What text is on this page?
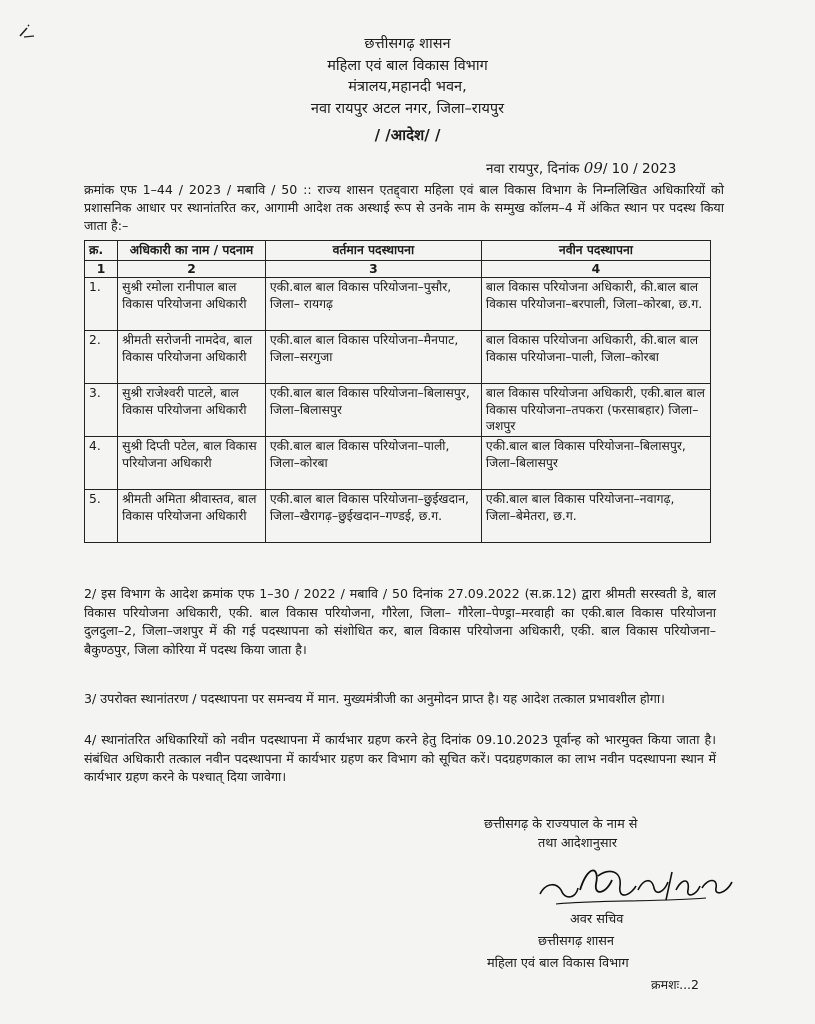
छत्तीसगढ़ शासन
महिला एवं बाल विकास विभाग
मंत्रालय,महानदी भवन,
नवा रायपुर अटल नगर, जिला–रायपुर
/ /आदेश/ /
नवा रायपुर, दिनांक 09/ 10 / 2023
क्रमांक एफ 1–44 / 2023 / मबावि / 50 :: राज्य शासन एतद्द्वारा महिला एवं बाल विकास विभाग के निम्नलिखित अधिकारियों को प्रशासनिक आधार पर स्थानांतरित कर, आगामी आदेश तक अस्थाई रूप से उनके नाम के सम्मुख कॉलम–4 में अंकित स्थान पर पदस्थ किया जाता है:–
क्र.	अधिकारी का नाम / पदनाम	वर्तमान पदस्थापना	नवीन पदस्थापना
1	2	3	4
1.	सुश्री रमोला रानीपाल बाल विकास परियोजना अधिकारी	एकी.बाल बाल विकास परियोजना–पुसौर, जिला– रायगढ़	बाल विकास परियोजना अधिकारी, की.बाल बाल विकास परियोजना–बरपाली, जिला–कोरबा, छ.ग.
2.	श्रीमती सरोजनी नामदेव, बाल विकास परियोजना अधिकारी	एकी.बाल बाल विकास परियोजना–मैनपाट, जिला–सरगुजा	बाल विकास परियोजना अधिकारी, की.बाल बाल विकास परियोजना–पाली, जिला–कोरबा
3.	सुश्री राजेश्वरी पाटले, बाल विकास परियोजना अधिकारी	एकी.बाल बाल विकास परियोजना–बिलासपुर, जिला–बिलासपुर	बाल विकास परियोजना अधिकारी, एकी.बाल बाल विकास परियोजना–तपकरा (फरसाबहार) जिला– जशपुर
4.	सुश्री दिप्ती पटेल, बाल विकास परियोजना अधिकारी	एकी.बाल बाल विकास परियोजना–पाली, जिला–कोरबा	एकी.बाल बाल विकास परियोजना–बिलासपुर, जिला–बिलासपुर
5.	श्रीमती अमिता श्रीवास्तव, बाल विकास परियोजना अधिकारी	एकी.बाल बाल विकास परियोजना–छुईखदान, जिला–खैरागढ़–छुईखदान–गण्डई, छ.ग.	एकी.बाल बाल विकास परियोजना–नवागढ़, जिला–बेमेतरा, छ.ग.
2/ इस विभाग के आदेश क्रमांक एफ 1–30 / 2022 / मबावि / 50 दिनांक 27.09.2022 (स.क्र.12) द्वारा श्रीमती सरस्वती डे, बाल विकास परियोजना अधिकारी, एकी. बाल विकास परियोजना, गौरेला, जिला– गौरेला–पेण्ड्रा–मरवाही का एकी.बाल विकास परियोजना दुलदुला–2, जिला–जशपुर में की गई पदस्थापना को संशोधित कर, बाल विकास परियोजना अधिकारी, एकी. बाल विकास परियोजना–बैकुण्ठपुर, जिला कोरिया में पदस्थ किया जाता है।
3/ उपरोक्त स्थानांतरण / पदस्थापना पर समन्वय में मान. मुख्यमंत्रीजी का अनुमोदन प्राप्त है। यह आदेश तत्काल प्रभावशील होगा।
4/ स्थानांतरित अधिकारियों को नवीन पदस्थापना में कार्यभार ग्रहण करने हेतु दिनांक 09.10.2023 पूर्वान्ह को भारमुक्त किया जाता है। संबंधित अधिकारी तत्काल नवीन पदस्थापना में कार्यभार ग्रहण कर विभाग को सूचित करें। पदग्रहणकाल का लाभ नवीन पदस्थापना स्थान में कार्यभार ग्रहण करने के पश्चात् दिया जावेगा।
छत्तीसगढ़ के राज्यपाल के नाम से
तथा आदेशानुसार
अवर सचिव
छत्तीसगढ़ शासन
महिला एवं बाल विकास विभाग
क्रमशः...2
